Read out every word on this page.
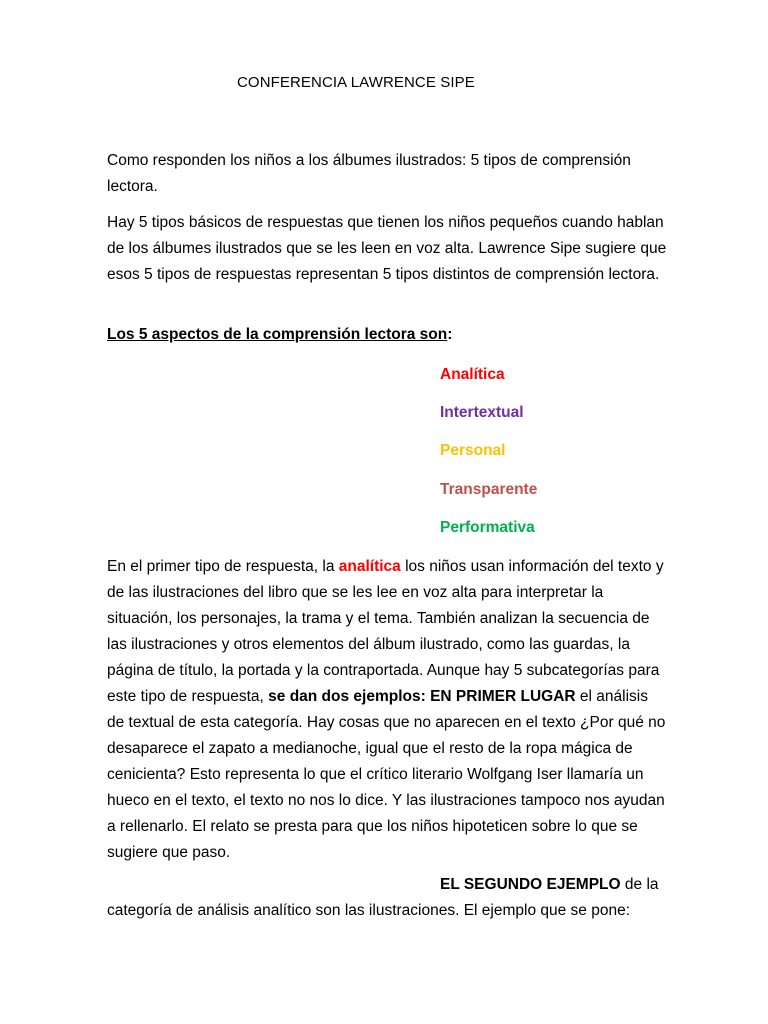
CONFERENCIA LAWRENCE SIPE
Como responden los niños a los álbumes ilustrados: 5 tipos de comprensión lectora.
Hay 5 tipos básicos de respuestas que tienen los niños pequeños cuando hablan de los álbumes ilustrados que se les leen en voz alta. Lawrence Sipe sugiere que esos 5 tipos de respuestas representan 5 tipos distintos de comprensión lectora.
Los 5 aspectos de la comprensión lectora son:
Analítica
Intertextual
Personal
Transparente
Performativa
En el primer tipo de respuesta, la analítica los niños usan información del texto y de las ilustraciones del libro que se les lee en voz alta para interpretar la situación, los personajes, la trama y el tema. También analizan la secuencia de las ilustraciones y otros elementos del álbum ilustrado, como las guardas, la página de título, la portada y la contraportada. Aunque hay 5 subcategorías para este tipo de respuesta, se dan dos ejemplos: EN PRIMER LUGAR el análisis de textual de esta categoría. Hay cosas que no aparecen en el texto ¿Por qué no desaparece el zapato a medianoche, igual que el resto de la ropa mágica de cenicienta? Esto representa lo que el crítico literario Wolfgang Iser llamaría un hueco en el texto, el texto no nos lo dice. Y las ilustraciones tampoco nos ayudan a rellenarlo. El relato se presta para que los niños hipoteticen sobre lo que se sugiere que paso.
EL SEGUNDO EJEMPLO de la categoría de análisis analítico son las ilustraciones. El ejemplo que se pone:
